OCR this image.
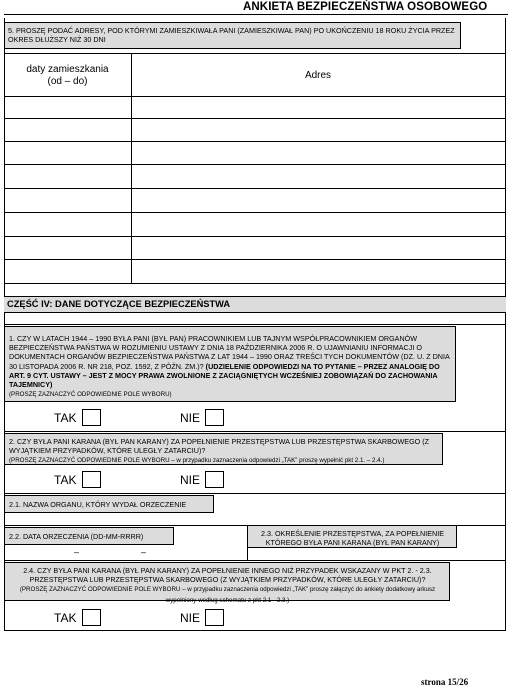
ANKIETA BEZPIECZEŃSTWA OSOBOWEGO
5. PROSZĘ PODAĆ ADRESY, POD KTÓRYMI ZAMIESZKIWAŁA PANI (ZAMIESZKIWAŁ PAN) PO UKOŃCZENIU 18 ROKU ŻYCIA PRZEZ OKRES DŁUŻSZY NIŻ 30 DNI
daty zamieszkania
(od – do)
Adres
CZĘŚĆ IV: DANE DOTYCZĄCE BEZPIECZEŃSTWA
1. CZY W LATACH 1944 – 1990 BYŁA PANI (BYŁ PAN) PRACOWNIKIEM LUB TAJNYM WSPÓŁPRACOWNIKIEM ORGANÓW BEZPIECZEŃSTWA PAŃSTWA W ROZUMIENIU USTAWY Z DNIA 18 PAŹDZIERNIKA 2006 R. O UJAWNIANIU INFORMACJI O DOKUMENTACH ORGANÓW BEZPIECZEŃSTWA PAŃSTWA Z LAT 1944 – 1990 ORAZ TREŚCI TYCH DOKUMENTÓW (DZ. U. Z DNIA 30 LISTOPADA 2006 R. NR 218, POZ. 1592, Z PÓŹN. ZM.)? (UDZIELENIE ODPOWIEDZI NA TO PYTANIE – PRZEZ ANALOGIĘ DO ART. 9 CYT. USTAWY – JEST Z MOCY PRAWA ZWOLNIONE Z ZACIĄGNIĘTYCH WCZEŚNIEJ ZOBOWIĄZAŃ DO ZACHOWANIA TAJEMNICY)
(PROSZĘ ZAZNACZYĆ ODPOWIEDNIE POLE WYBORU)
TAK	NIE
2. CZY BYŁA PANI KARANA (BYŁ PAN KARANY) ZA POPEŁNIENIE PRZESTĘPSTWA LUB PRZESTĘPSTWA SKARBOWEGO (Z WYJĄTKIEM PRZYPADKÓW, KTÓRE ULEGŁY ZATARCIU)?
(PROSZĘ ZAZNACZYĆ ODPOWIEDNIE POLE WYBORU – w przypadku zaznaczenia odpowiedzi „TAK” proszę wypełnić pkt 2.1. – 2.4.)
TAK	NIE
2.1. NAZWA ORGANU, KTÓRY WYDAŁ ORZECZENIE
2.2. DATA ORZECZENIA (DD-MM-RRRR)
–	–
2.3. OKREŚLENIE PRZESTĘPSTWA, ZA POPEŁNIENIE KTÓREGO BYŁA PANI KARANA (BYŁ PAN KARANY)
2.4. CZY BYŁA PANI KARANA (BYŁ PAN KARANY) ZA POPEŁNIENIE INNEGO NIŻ PRZYPADEK WSKAZANY W PKT 2. - 2.3. PRZESTĘPSTWA LUB PRZESTĘPSTWA SKARBOWEGO (Z WYJĄTKIEM PRZYPADKÓW, KTÓRE ULEGŁY ZATARCIU)?
(PROSZĘ ZAZNACZYĆ ODPOWIEDNIE POLE WYBORU – w przypadku zaznaczenia odpowiedzi „TAK” proszę załączyć do ankiety dodatkowy arkusz wypełniony według schematu z pkt 2.1 - 2.3.)
TAK	NIE
strona 15/26
